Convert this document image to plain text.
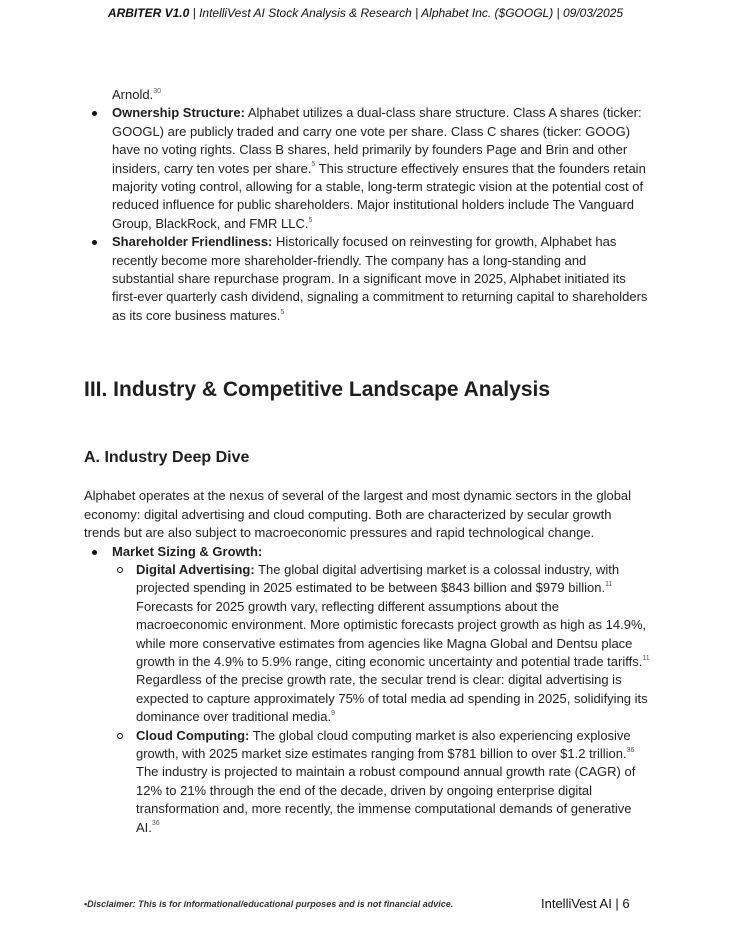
ARBITER V1.0 | IntelliVest AI Stock Analysis & Research | Alphabet Inc. ($GOOGL) | 09/03/2025

Arnold.$^{30}$

Ownership Structure: Alphabet utilizes a dual-class share structure. Class A shares (ticker: GOOGL) are publicly traded and carry one vote per share. Class C shares (ticker: GOOG) have no voting rights. Class B shares, held primarily by founders Page and Brin and other insiders, carry ten votes per share.$^5$ This structure effectively ensures that the founders retain majority voting control, allowing for a stable, long-term strategic vision at the potential cost of reduced influence for public shareholders. Major institutional holders include The Vanguard Group, BlackRock, and FMR LLC.$^5$
Shareholder Friendliness: Historically focused on reinvesting for growth, Alphabet has recently become more shareholder-friendly. The company has a long-standing and substantial share repurchase program. In a significant move in 2025, Alphabet initiated its first-ever quarterly cash dividend, signaling a commitment to returning capital to shareholders as its core business matures.$^5$
III. Industry & Competitive Landscape Analysis
A. Industry Deep Dive

Alphabet operates at the nexus of several of the largest and most dynamic sectors in the global economy: digital advertising and cloud computing. Both are characterized by secular growth trends but are also subject to macroeconomic pressures and rapid technological change.

Market Sizing & Growth:
Digital Advertising: The global digital advertising market is a colossal industry, with projected spending in 2025 estimated to be between $843 billion and $979 billion.$^{11}$ Forecasts for 2025 growth vary, reflecting different assumptions about the macroeconomic environment. More optimistic forecasts project growth as high as 14.9%, while more conservative estimates from agencies like Magna Global and Dentsu place growth in the 4.9% to 5.9% range, citing economic uncertainty and potential trade tariffs.$^{11}$ Regardless of the precise growth rate, the secular trend is clear: digital advertising is expected to capture approximately 75% of total media ad spending in 2025, solidifying its dominance over traditional media.$^9$
Cloud Computing: The global cloud computing market is also experiencing explosive growth, with 2025 market size estimates ranging from $781 billion to over $1.2 trillion.$^{36}$ The industry is projected to maintain a robust compound annual growth rate (CAGR) of 12% to 21% through the end of the decade, driven by ongoing enterprise digital transformation and, more recently, the immense computational demands of generative AI.$^{36}$
•Disclaimer: This is for informational/educational purposes and is not financial advice.	IntelliVest AI | 6
